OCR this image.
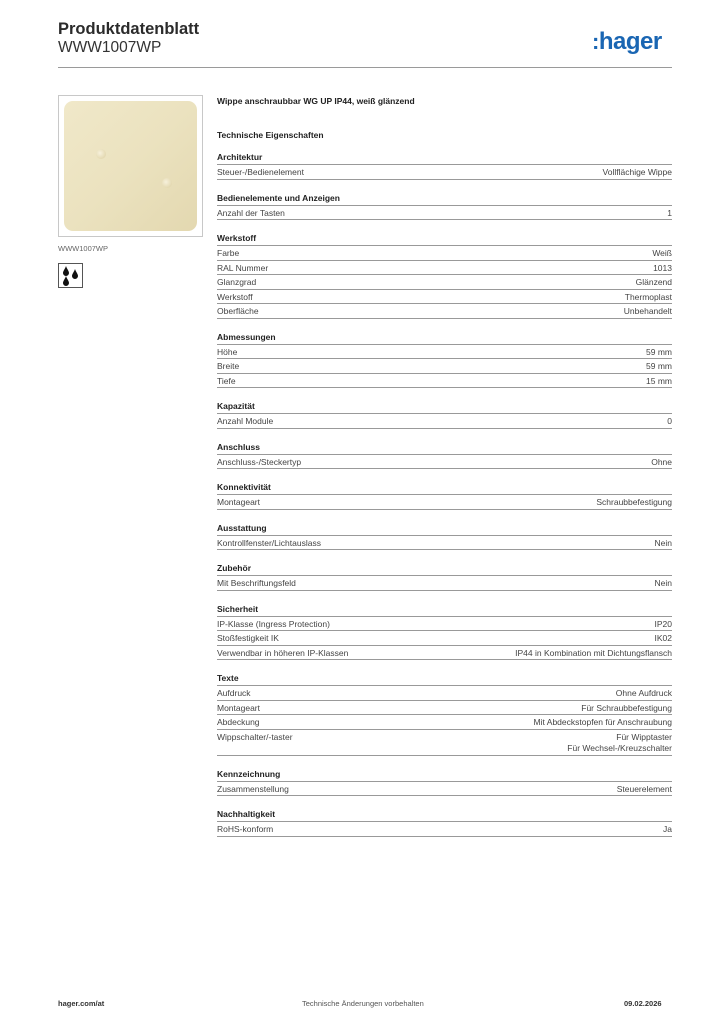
Produktdatenblatt
WWW1007WP	:hager
WWW1007WP
Wippe anschraubbar WG UP IP44, weiß glänzend
Technische Eigenschaften
Architektur
Steuer-/Bedienelement	Vollflächige Wippe
Bedienelemente und Anzeigen
Anzahl der Tasten	1
Werkstoff
Farbe	Weiß
RAL Nummer	1013
Glanzgrad	Glänzend
Werkstoff	Thermoplast
Oberfläche	Unbehandelt
Abmessungen
Höhe	59 mm
Breite	59 mm
Tiefe	15 mm
Kapazität
Anzahl Module	0
Anschluss
Anschluss-/Steckertyp	Ohne
Konnektivität
Montageart	Schraubbefestigung
Ausstattung
Kontrollfenster/Lichtauslass	Nein
Zubehör
Mit Beschriftungsfeld	Nein
Sicherheit
IP-Klasse (Ingress Protection)	IP20
Stoßfestigkeit IK	IK02
Verwendbar in höheren IP-Klassen	IP44 in Kombination mit Dichtungsflansch
Texte
Aufdruck	Ohne Aufdruck
Montageart	Für Schraubbefestigung
Abdeckung	Mit Abdeckstopfen für Anschraubung
Wippschalter/-taster	Für Wipptaster
Für Wechsel-/Kreuzschalter
Kennzeichnung
Zusammenstellung	Steuerelement
Nachhaltigkeit
RoHS-konform	Ja
hager.com/at	Technische Änderungen vorbehalten	09.02.2026
